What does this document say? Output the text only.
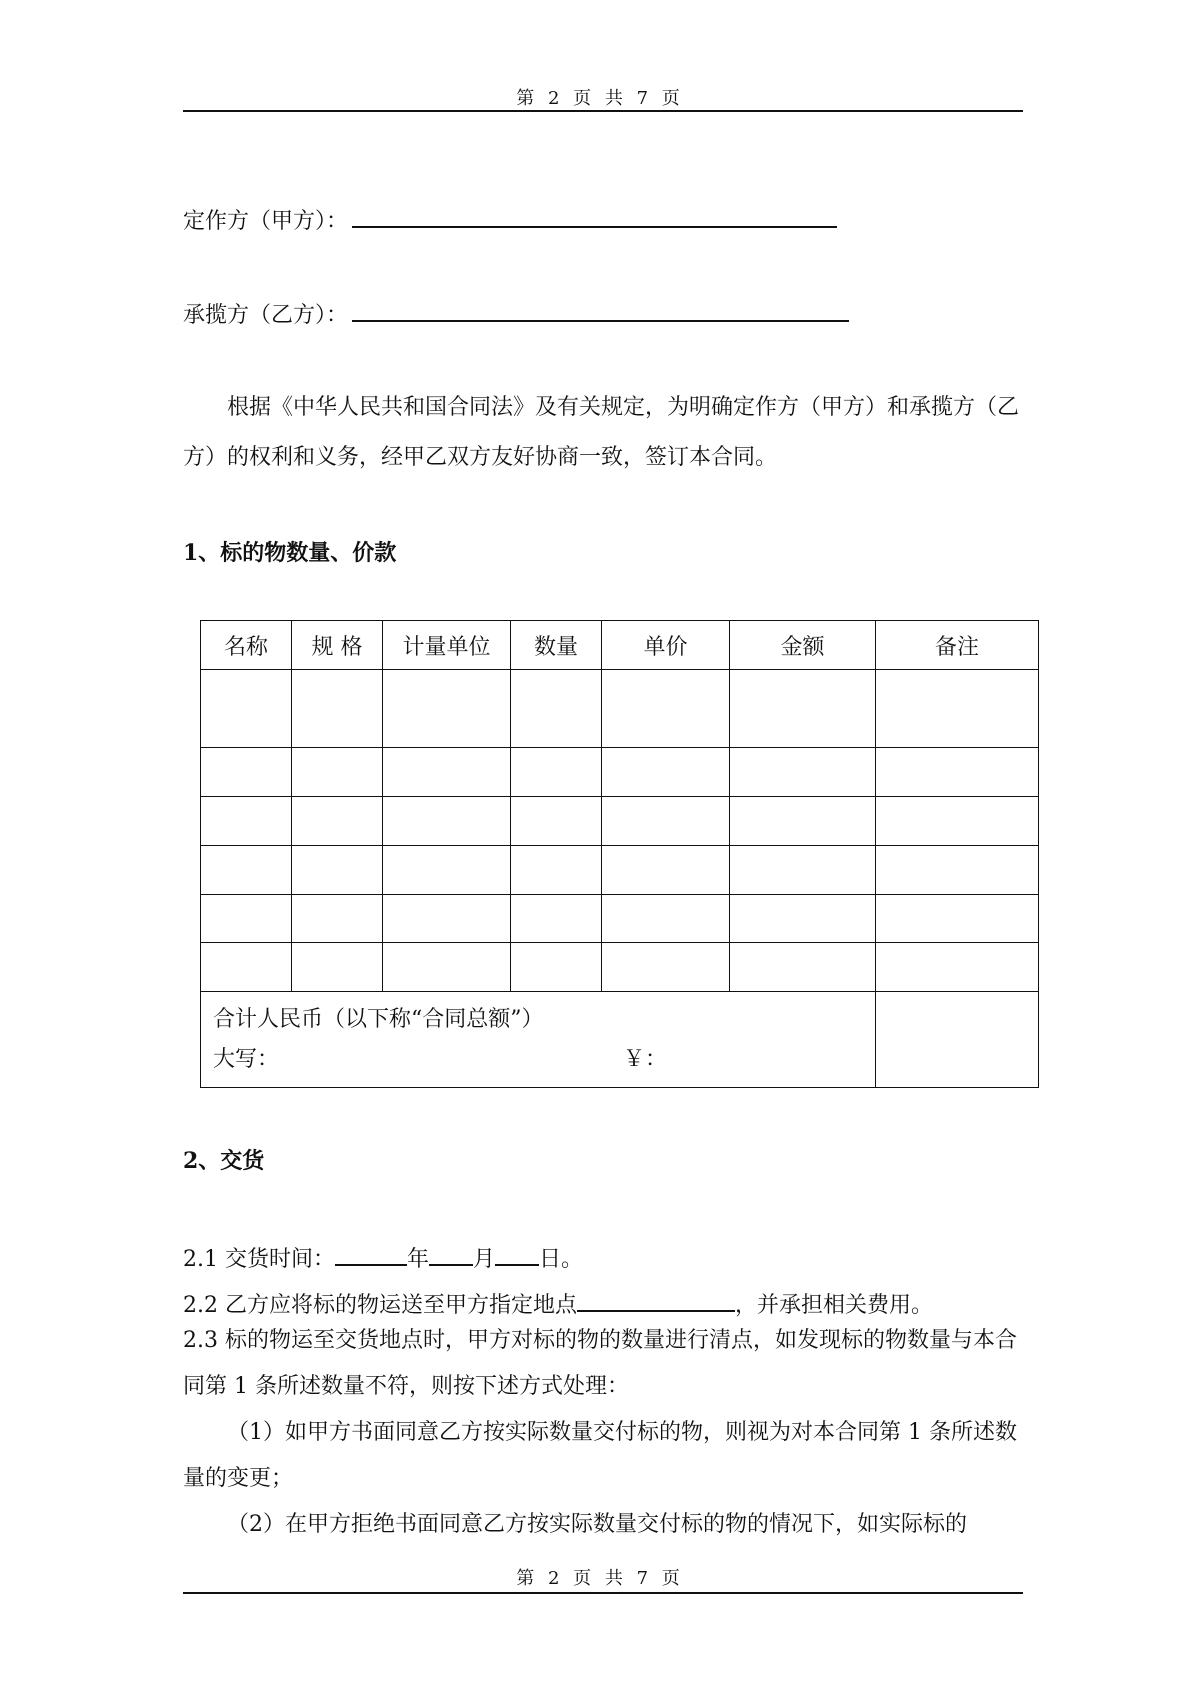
第 2 页 共 7 页
定作方（甲方）：
承揽方（乙方）：
根据《中华人民共和国合同法》及有关规定，为明确定作方（甲方）和承揽方（乙方）的权利和义务，经甲乙双方友好协商一致，签订本合同。
1、标的物数量、价款
名称	规 格	计量单位	数量	单价	金额	备注

合计人民币（以下称“合同总额”）
大写： ￥：						

2、交货
2.1 交货时间：	年 月 日。
2.2 乙方应将标的物运送至甲方指定地点	，并承担相关费用。
2.3 标的物运至交货地点时，甲方对标的物的数量进行清点，如发现标的物数量与本合同第 1 条所述数量不符，则按下述方式处理：
（1）如甲方书面同意乙方按实际数量交付标的物，则视为对本合同第 1 条所述数量的变更；
（2）在甲方拒绝书面同意乙方按实际数量交付标的物的情况下，如实际标的
第 2 页 共 7 页
